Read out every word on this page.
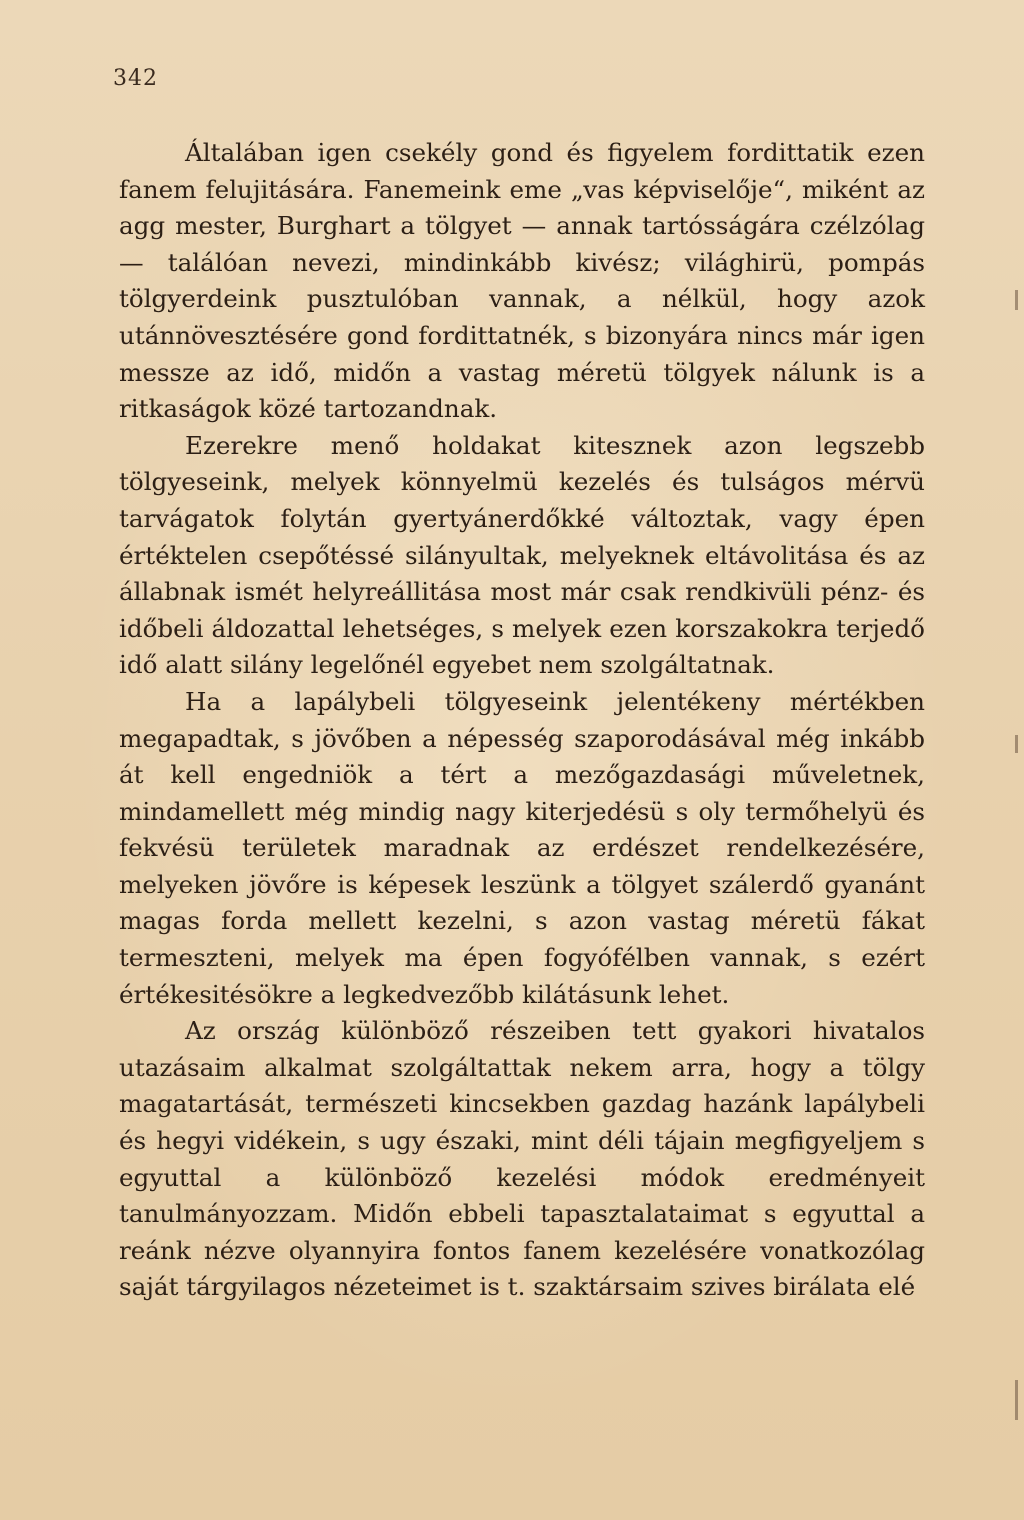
342

Általában igen csekély gond és figyelem fordittatik ezen fanem felujitására. Fanemeink eme „vas képviselője“, miként az agg mester, Burghart a tölgyet — annak tartósságára czélzólag — találóan nevezi, mindinkább kivész; világhirü, pompás tölgyerdeink pusztulóban vannak, a nélkül, hogy azok utánnövesztésére gond fordittatnék, s bizonyára nincs már igen messze az idő, midőn a vastag méretü tölgyek nálunk is a ritkaságok közé tartozandnak.

Ezerekre menő holdakat kitesznek azon legszebb tölgyeseink, melyek könnyelmü kezelés és tulságos mérvü tarvágatok folytán gyertyánerdőkké változtak, vagy épen értéktelen csepőtéssé silányultak, melyeknek eltávolitása és az állabnak ismét helyreállitása most már csak rendkivüli pénz- és időbeli áldozattal lehetséges, s melyek ezen korszakokra terjedő idő alatt silány legelőnél egyebet nem szolgáltatnak.

Ha a lapálybeli tölgyeseink jelentékeny mértékben megapadtak, s jövőben a népesség szaporodásával még inkább át kell engedniök a tért a mezőgazdasági műveletnek, mindamellett még mindig nagy kiterjedésü s oly termőhelyü és fekvésü területek maradnak az erdészet rendelkezésére, melyeken jövőre is képesek leszünk a tölgyet szálerdő gyanánt magas forda mellett kezelni, s azon vastag méretü fákat termeszteni, melyek ma épen fogyófélben vannak, s ezért értékesitésökre a legkedvezőbb kilátásunk lehet.

Az ország különböző részeiben tett gyakori hivatalos utazásaim alkalmat szolgáltattak nekem arra, hogy a tölgy magatartását, természeti kincsekben gazdag hazánk lapálybeli és hegyi vidékein, s ugy északi, mint déli tájain megfigyeljem s egyuttal a különböző kezelési módok eredményeit tanulmányozzam. Midőn ebbeli tapasztalataimat s egyuttal a reánk nézve olyannyira fontos fanem kezelésére vonatkozólag saját tárgyilagos nézeteimet is t. szaktársaim szives birálata elé
